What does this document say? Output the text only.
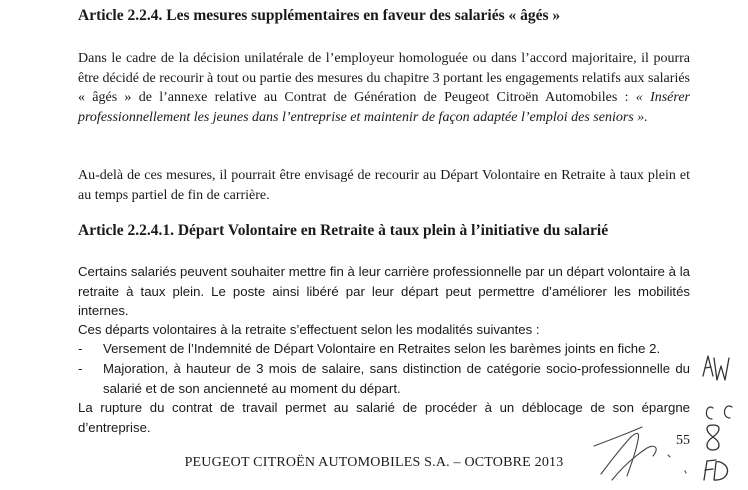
Article 2.2.4. Les mesures supplémentaires en faveur des salariés « âgés »

Dans le cadre de la décision unilatérale de l’employeur homologuée ou dans l’accord majoritaire, il pourra être décidé de recourir à tout ou partie des mesures du chapitre 3 portant les engagements relatifs aux salariés « âgés » de l’annexe relative au Contrat de Génération de Peugeot Citroën Automobiles : « Insérer professionnellement les jeunes dans l’entreprise et maintenir de façon adaptée l’emploi des seniors ».

Au-delà de ces mesures, il pourrait être envisagé de recourir au Départ Volontaire en Retraite à taux plein et au temps partiel de fin de carrière.
Article 2.2.4.1. Départ Volontaire en Retraite à taux plein à l’initiative du salarié
Certains salariés peuvent souhaiter mettre fin à leur carrière professionnelle par un départ volontaire à la retraite à taux plein. Le poste ainsi libéré par leur départ peut permettre d’améliorer les mobilités internes.
Ces départs volontaires à la retraite s’effectuent selon les modalités suivantes :
- Versement de l’Indemnité de Départ Volontaire en Retraites selon les barèmes joints en fiche 2.
- Majoration, à hauteur de 3 mois de salaire, sans distinction de catégorie socio-professionnelle du salarié et de son ancienneté au moment du départ.
La rupture du contrat de travail permet au salarié de procéder à un déblocage de son épargne d’entreprise.
55
PEUGEOT CITROËN AUTOMOBILES S.A. – OCTOBRE 2013
